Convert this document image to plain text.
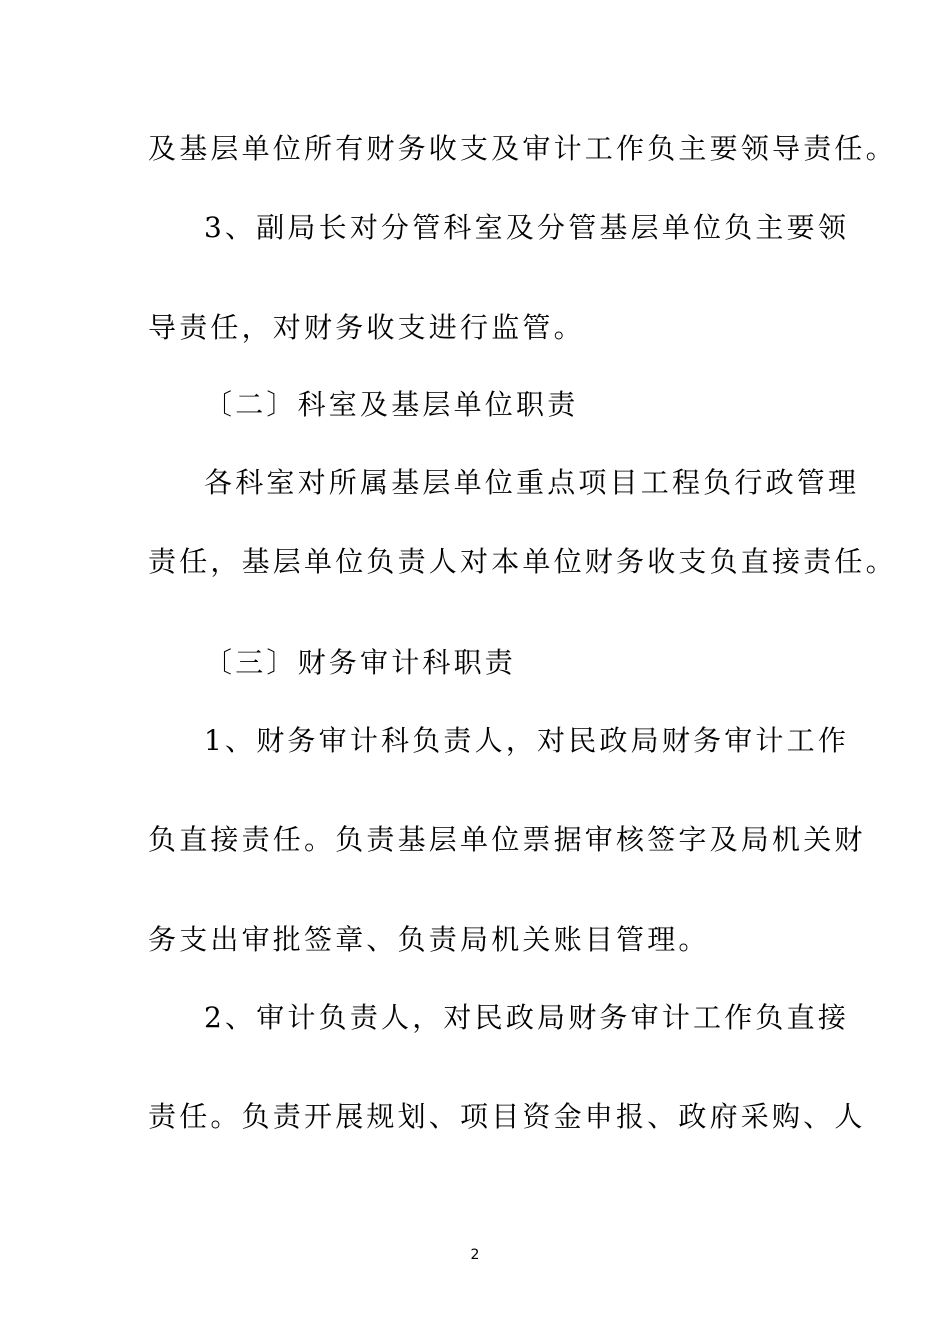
及基层单位所有财务收支及审计工作负主要领导责任。
3、副局长对分管科室及分管基层单位负主要领
导责任，对财务收支进行监管。
〔二〕科室及基层单位职责
各科室对所属基层单位重点项目工程负行政管理
责任，基层单位负责人对本单位财务收支负直接责任。
〔三〕财务审计科职责
1、财务审计科负责人，对民政局财务审计工作
负直接责任。负责基层单位票据审核签字及局机关财
务支出审批签章、负责局机关账目管理。
2、审计负责人，对民政局财务审计工作负直接
责任。负责开展规划、项目资金申报、政府采购、人
2
